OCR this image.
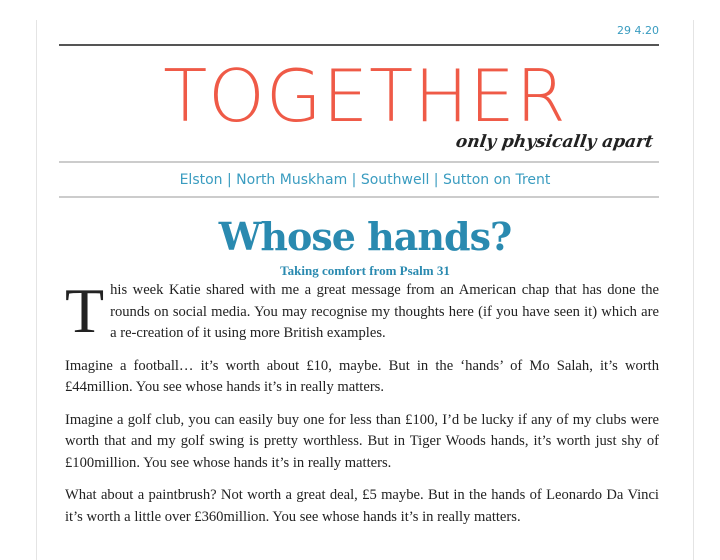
29 4.20
TOGETHER
only physically apart
Elston | North Muskham | Southwell | Sutton on Trent
Whose hands?
Taking comfort from Psalm 31

This week Katie shared with me a great message from an American chap that has done the rounds on social media. You may recognise my thoughts here (if you have seen it) which are a re-creation of it using more British examples.

Imagine a football… it’s worth about £10, maybe. But in the ‘hands’ of Mo Salah, it’s worth £44million. You see whose hands it’s in really matters.

Imagine a golf club, you can easily buy one for less than £100, I’d be lucky if any of my clubs were worth that and my golf swing is pretty worthless. But in Tiger Woods hands, it’s worth just shy of £100million. You see whose hands it’s in really matters.

What about a paintbrush? Not worth a great deal, £5 maybe. But in the hands of Leonardo Da Vinci it’s worth a little over £360million. You see whose hands it’s in really matters.
